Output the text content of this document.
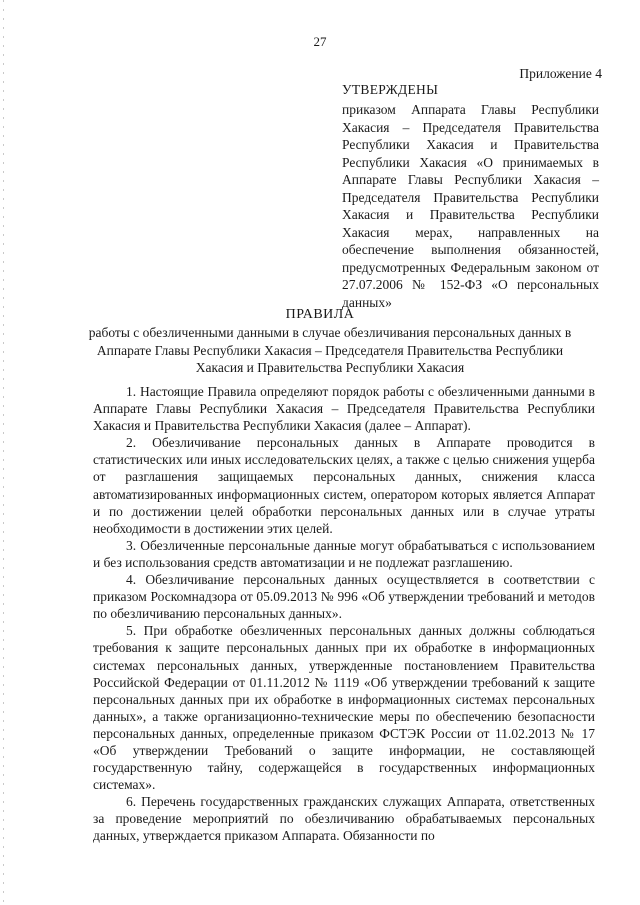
27
Приложение 4
УТВЕРЖДЕНЫ
приказом Аппарата Главы Республики Хакасия – Председателя Правительства Республики Хакасия и Правительства Республики Хакасия «О принимаемых в Аппарате Главы Республики Хакасия – Председателя Правительства Республики Хакасия и Правительства Республики Хакасия мерах, направленных на обеспечение выполнения обязанностей, предусмотренных Федеральным законом от 27.07.2006 № 152-ФЗ «О персональных данных»
ПРАВИЛА
работы с обезличенными данными в случае обезличивания персональных данных в Аппарате Главы Республики Хакасия – Председателя Правительства Республики Хакасия и Правительства Республики Хакасия

1. Настоящие Правила определяют порядок работы с обезличенными данными в Аппарате Главы Республики Хакасия – Председателя Правительства Республики Хакасия и Правительства Республики Хакасия (далее – Аппарат).

2. Обезличивание персональных данных в Аппарате проводится в статистических или иных исследовательских целях, а также с целью снижения ущерба от разглашения защищаемых персональных данных, снижения класса автоматизированных информационных систем, оператором которых является Аппарат и по достижении целей обработки персональных данных или в случае утраты необходимости в достижении этих целей.

3. Обезличенные персональные данные могут обрабатываться с использованием и без использования средств автоматизации и не подлежат разглашению.

4. Обезличивание персональных данных осуществляется в соответствии с приказом Роскомнадзора от 05.09.2013 № 996 «Об утверждении требований и методов по обезличиванию персональных данных».

5. При обработке обезличенных персональных данных должны соблюдаться требования к защите персональных данных при их обработке в информационных системах персональных данных, утвержденные постановлением Правительства Российской Федерации от 01.11.2012 № 1119 «Об утверждении требований к защите персональных данных при их обработке в информационных системах персональных данных», а также организационно-технические меры по обеспечению безопасности персональных данных, определенные приказом ФСТЭК России от 11.02.2013 № 17 «Об утверждении Требований о защите информации, не составляющей государственную тайну, содержащейся в государственных информационных системах».

6. Перечень государственных гражданских служащих Аппарата, ответственных за проведение мероприятий по обезличиванию обрабатываемых персональных данных, утверждается приказом Аппарата. Обязанности по
